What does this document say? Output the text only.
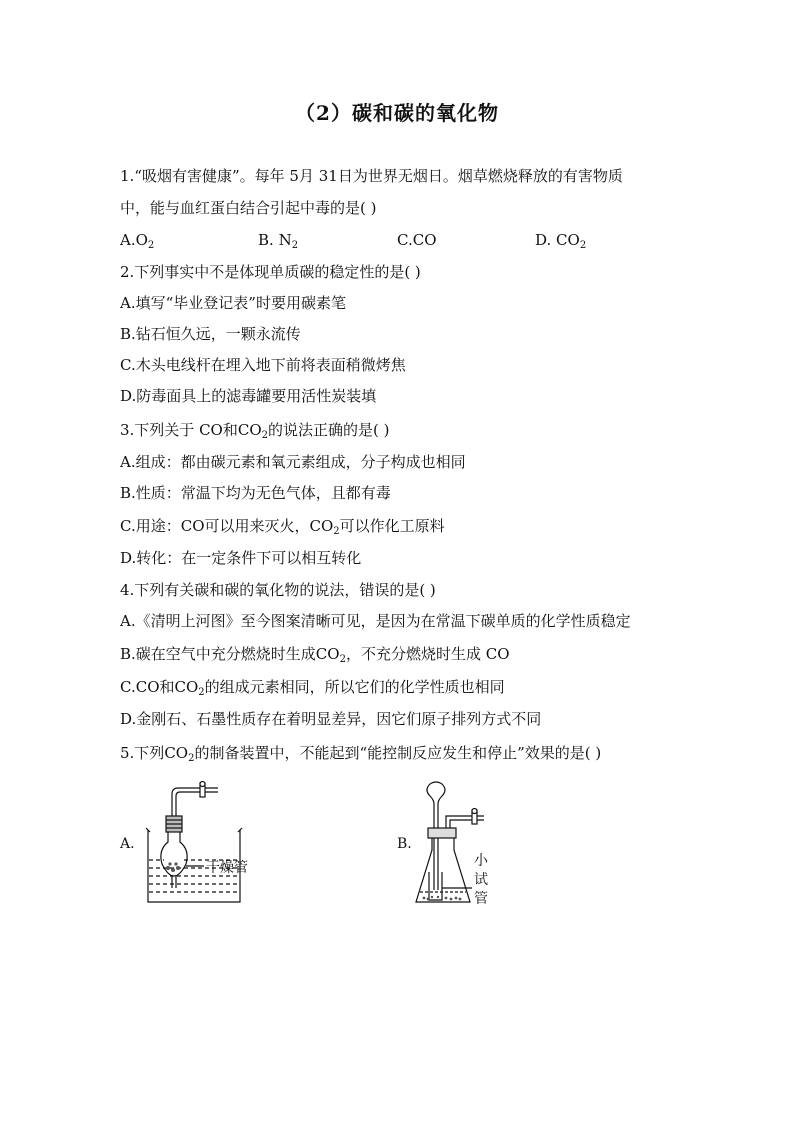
（2）碳和碳的氧化物
1.“吸烟有害健康”。每年 5月 31日为世界无烟日。烟草燃烧释放的有害物质
中，能与血红蛋白结合引起中毒的是( )
$A.O_2$	B. $N_2$	C.CO	D. $CO_2$
2.下列事实中不是体现单质碳的稳定性的是( )
A.填写“毕业登记表”时要用碳素笔
B.钻石恒久远，一颗永流传
C.木头电线杆在埋入地下前将表面稍微烤焦
D.防毒面具上的滤毒罐要用活性炭装填
3.下列关于 CO和$CO_2$的说法正确的是( )
A.组成：都由碳元素和氧元素组成，分子构成也相同
B.性质：常温下均为无色气体，且都有毒
C.用途：CO可以用来灭火，$CO_2$可以作化工原料
D.转化：在一定条件下可以相互转化
4.下列有关碳和碳的氧化物的说法，错误的是( )
A.《清明上河图》至今图案清晰可见，是因为在常温下碳单质的化学性质稳定
B.碳在空气中充分燃烧时生成$CO_2$，不充分燃烧时生成 CO
C.CO和$CO_2$的组成元素相同，所以它们的化学性质也相同
D.金刚石、石墨性质存在着明显差异，因它们原子排列方式不同
5.下列$CO_2$的制备装置中，不能起到“能控制反应发生和停止”效果的是( )
A.
干燥管
B.
小
试
管
